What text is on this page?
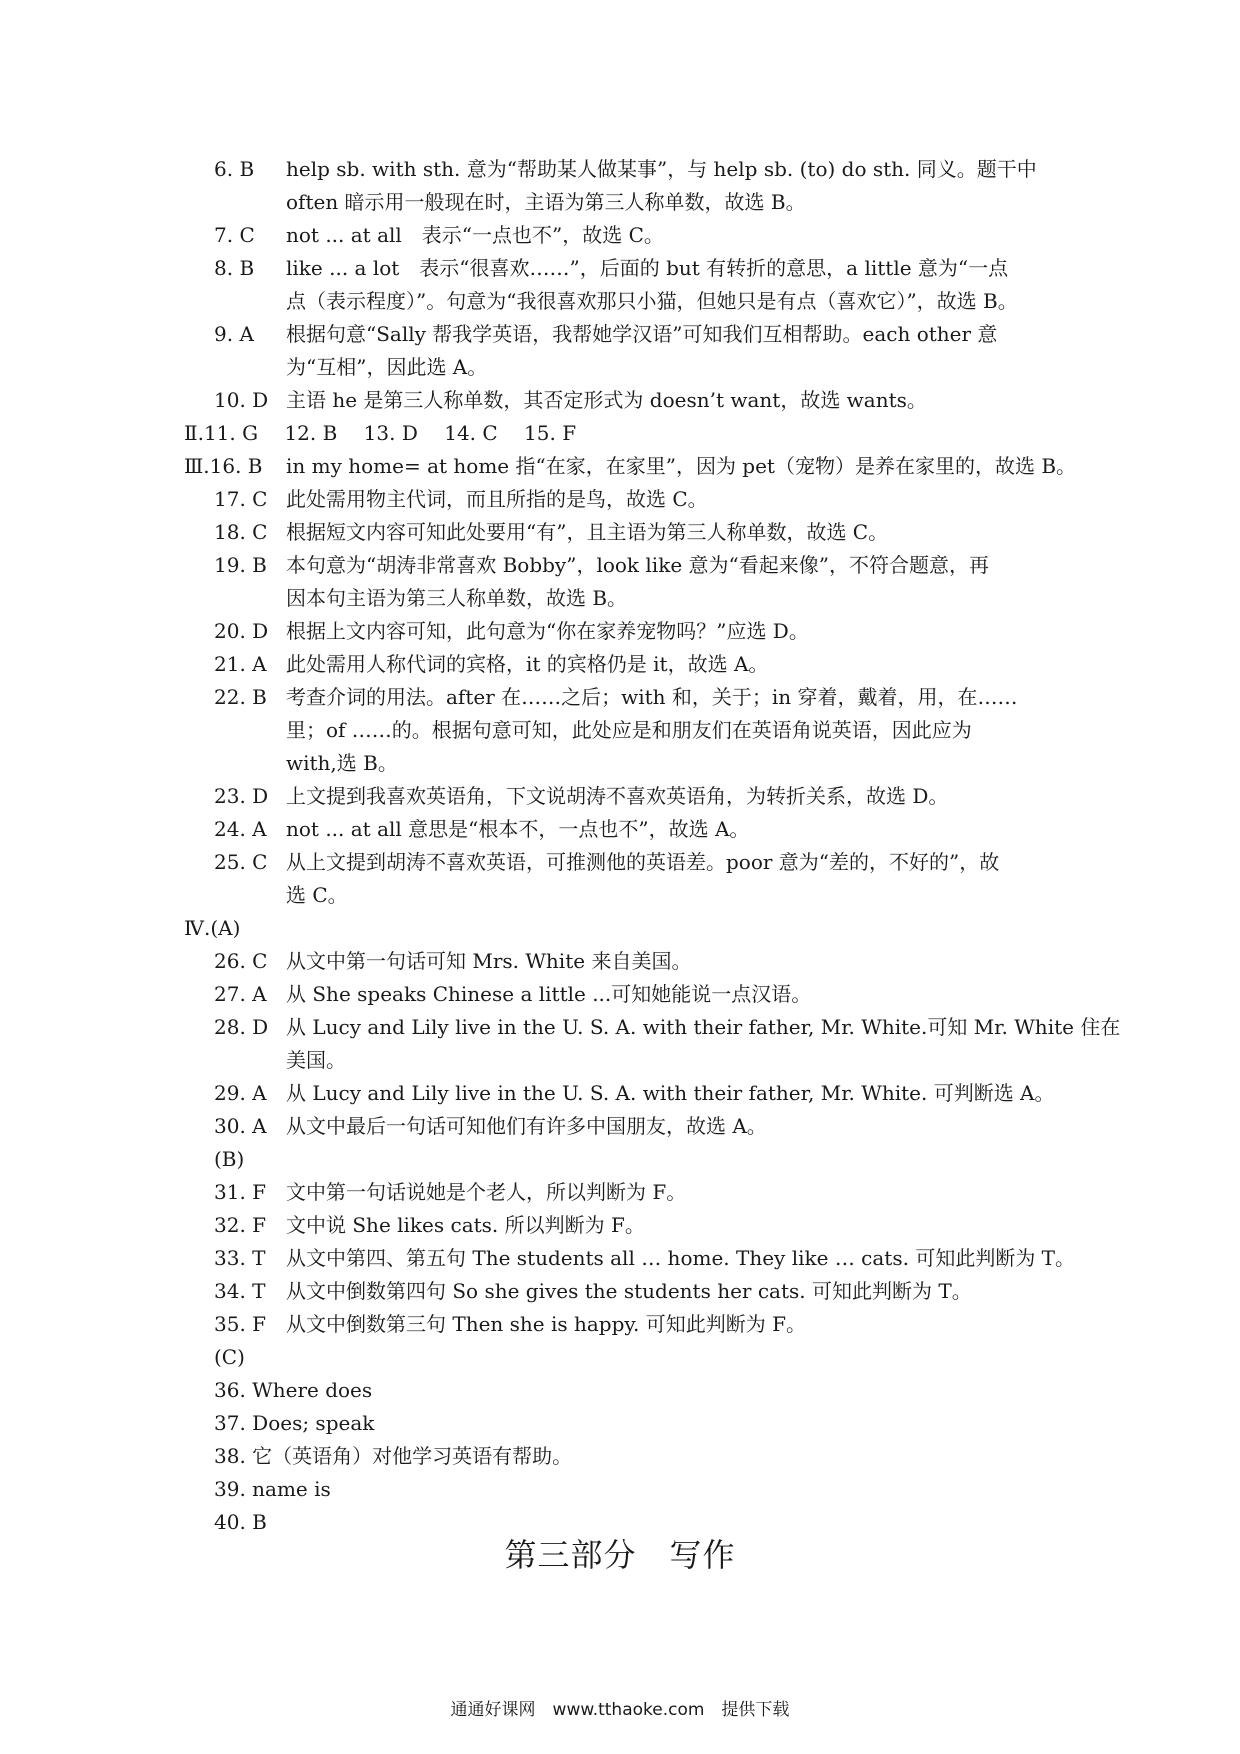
6. B	help sb. with sth. 意为“帮助某人做某事”，与 help sb. (to) do sth. 同义。题干中
often 暗示用一般现在时，主语为第三人称单数，故选 B。
7. C	not ... at all　表示“一点也不”，故选 C。
8. B	like ... a lot　表示“很喜欢……”，后面的 but 有转折的意思，a little 意为“一点
点（表示程度）”。句意为“我很喜欢那只小猫，但她只是有点（喜欢它）”，故选 B。
9. A	根据句意“Sally 帮我学英语，我帮她学汉语”可知我们互相帮助。each other 意
为“互相”，因此选 A。
10. D 主语 he 是第三人称单数，其否定形式为 doesn’t want，故选 wants。
Ⅱ.11. G　 12. B　 13. D　 14. C　 15. F
Ⅲ.16. B in my home= at home 指“在家，在家里”，因为 pet（宠物）是养在家里的，故选 B。
17. C 此处需用物主代词，而且所指的是鸟，故选 C。
18. C 根据短文内容可知此处要用“有”，且主语为第三人称单数，故选 C。
19. B 本句意为“胡涛非常喜欢 Bobby”，look like 意为“看起来像”，不符合题意，再
因本句主语为第三人称单数，故选 B。
20. D 根据上文内容可知，此句意为“你在家养宠物吗？”应选 D。
21. A 此处需用人称代词的宾格，it 的宾格仍是 it，故选 A。
22. B 考查介词的用法。after 在……之后；with 和，关于；in 穿着，戴着，用，在……
里；of ……的。根据句意可知，此处应是和朋友们在英语角说英语，因此应为
with,选 B。
23. D 上文提到我喜欢英语角，下文说胡涛不喜欢英语角，为转折关系，故选 D。
24. A not ... at all 意思是“根本不，一点也不”，故选 A。
25. C 从上文提到胡涛不喜欢英语，可推测他的英语差。poor 意为“差的，不好的”，故
选 C。
Ⅳ.(A)
26. C 从文中第一句话可知 Mrs. White 来自美国。
27. A 从 She speaks Chinese a little ...可知她能说一点汉语。
28. D 从 Lucy and Lily live in the U. S. A. with their father, Mr. White.可知 Mr. White 住在
美国。
29. A 从 Lucy and Lily live in the U. S. A. with their father, Mr. White. 可判断选 A。
30. A 从文中最后一句话可知他们有许多中国朋友，故选 A。
(B)
31. F 文中第一句话说她是个老人，所以判断为 F。
32. F 文中说 She likes cats. 所以判断为 F。
33. T	从文中第四、第五句 The students all … home. They like … cats. 可知此判断为 T。
34. T	从文中倒数第四句 So she gives the students her cats. 可知此判断为 T。
35. F 从文中倒数第三句 Then she is happy. 可知此判断为 F。
(C)
36. Where does
37. Does; speak
38. 它（英语角）对他学习英语有帮助。
39. name is
40. B
第三部分　写作
通通好课网　www.tthaoke.com　提供下载
